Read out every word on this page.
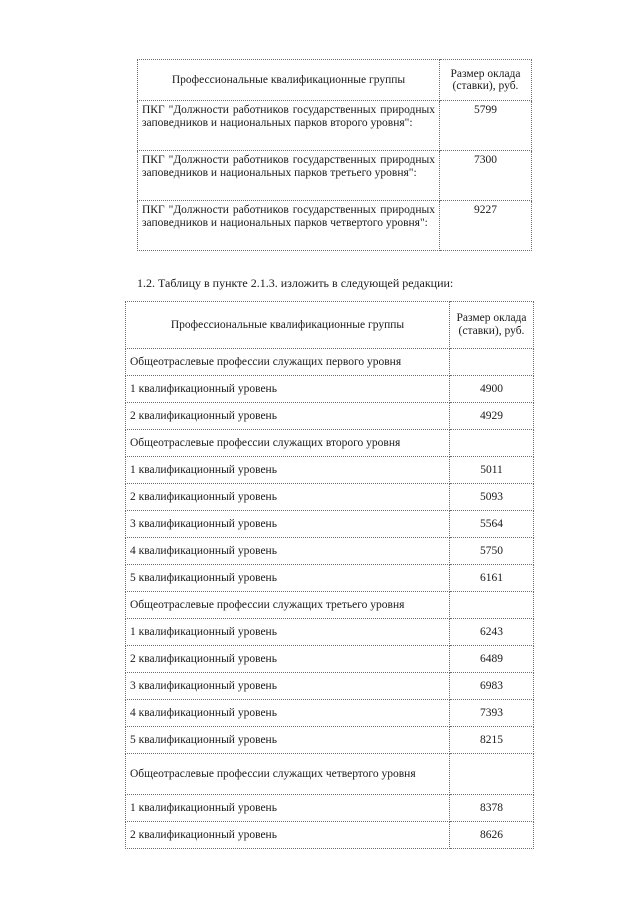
Профессиональные квалификационные группы	Размер оклада (ставки), руб.
ПКГ "Должности работников государственных природных заповедников и национальных парков второго уровня":	5799
ПКГ "Должности работников государственных природных заповедников и национальных парков третьего уровня":	7300
ПКГ "Должности работников государственных природных заповедников и национальных парков четвертого уровня":	9227

1.2. Таблицу в пункте 2.1.3. изложить в следующей редакции:

Профессиональные квалификационные группы	Размер оклада (ставки), руб.
Общеотраслевые профессии служащих первого уровня	
1 квалификационный уровень	4900
2 квалификационный уровень	4929
Общеотраслевые профессии служащих второго уровня	
1 квалификационный уровень	5011
2 квалификационный уровень	5093
3 квалификационный уровень	5564
4 квалификационный уровень	5750
5 квалификационный уровень	6161
Общеотраслевые профессии служащих третьего уровня	
1 квалификационный уровень	6243
2 квалификационный уровень	6489
3 квалификационный уровень	6983
4 квалификационный уровень	7393
5 квалификационный уровень	8215
Общеотраслевые профессии служащих четвертого уровня	
1 квалификационный уровень	8378
2 квалификационный уровень	8626
